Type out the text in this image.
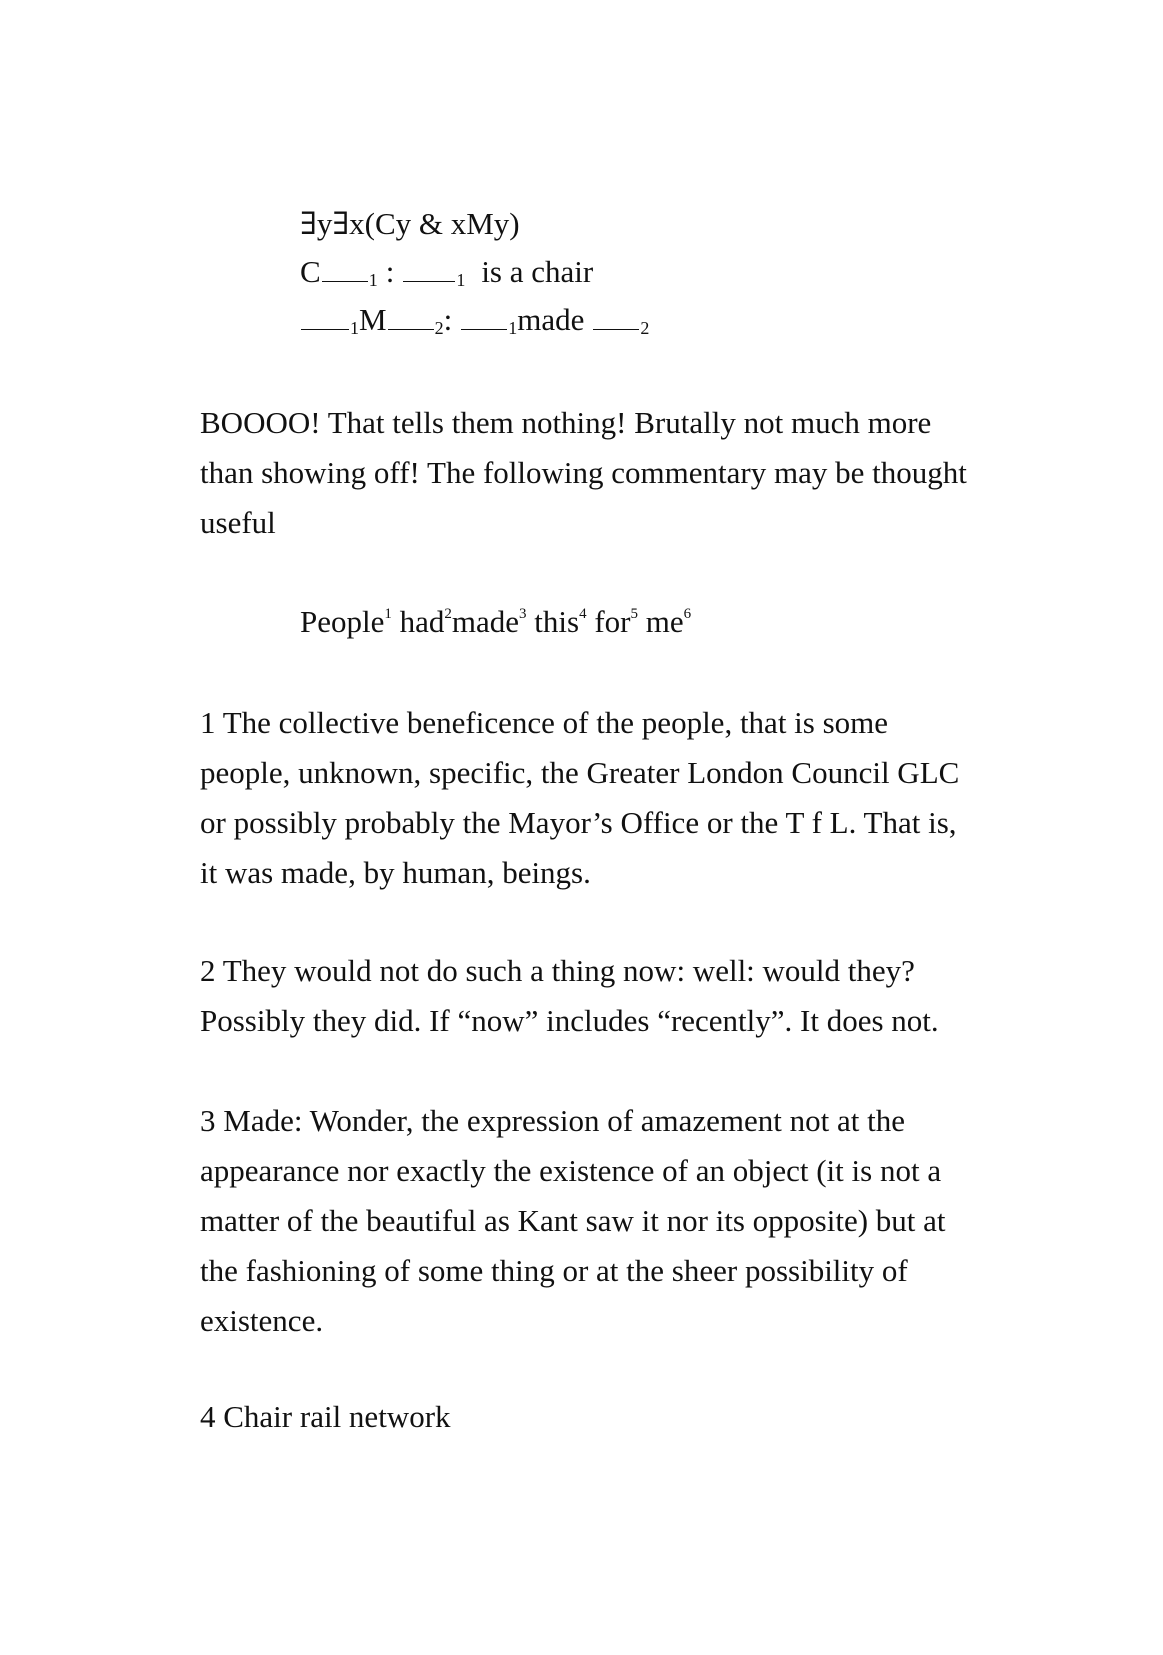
∃y∃x(Cy & xMy)
C	$_1$ :	$_1$ is a chair
$_1$M	$_2$:	$_1$made	$_2$

BOOOO! That tells them nothing! Brutally not much more than showing off! The following commentary may be thought useful

People$^1$ had$^2$made$^3$ this$^4$ for$^5$ $me^6$

1 The collective beneficence of the people, that is some people, unknown, specific, the Greater London Council GLC or possibly probably the Mayor’s Office or the T f L. That is, it was made, by human, beings.

2 They would not do such a thing now: well: would they? Possibly they did. If “now” includes “recently”. It does not.

3 Made: Wonder, the expression of amazement not at the appearance nor exactly the existence of an object (it is not a matter of the beautiful as Kant saw it nor its opposite) but at the fashioning of some thing or at the sheer possibility of existence.

4 Chair rail network
